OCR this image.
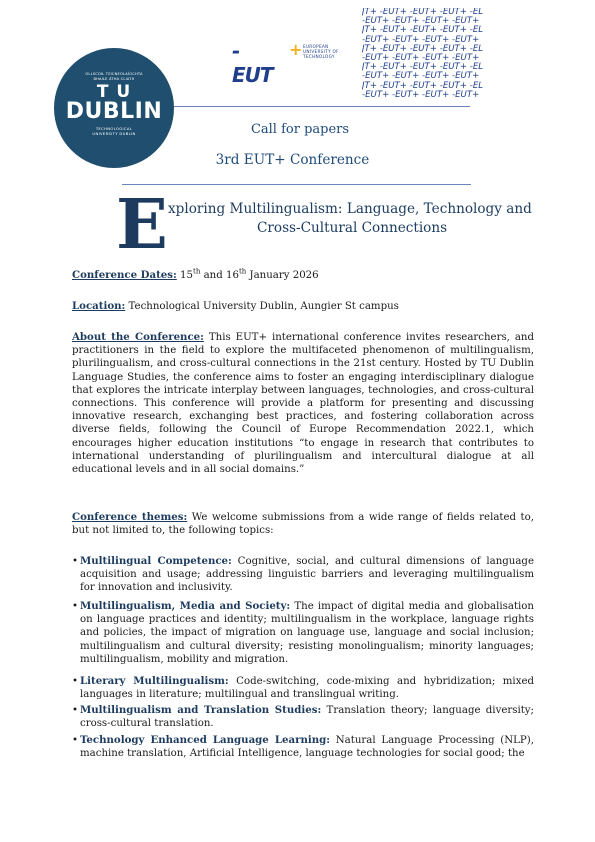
OLLSCOIL TEICNEOLAÍOCHTA
BHAILE ÁTHA CLIATH
T U
DUBLIN
TECHNOLOGICAL
UNIVERSITY DUBLIN
-EUT
+ EUROPEAN
UNIVERSITY OF
TECHNOLOGY
JT+ -EUT+ -EUT+ -EUT+ -EL
-EUT+ -EUT+ -EUT+ -EUT+
JT+ -EUT+ -EUT+ -EUT+ -EL
-EUT+ -EUT+ -EUT+ -EUT+
JT+ -EUT+ -EUT+ -EUT+ -EL
-EUT+ -EUT+ -EUT+ -EUT+
JT+ -EUT+ -EUT+ -EUT+ -EL
-EUT+ -EUT+ -EUT+ -EUT+
JT+ -EUT+ -EUT+ -EUT+ -EL
-EUT+ -EUT+ -EUT+ -EUT+
Call for papers
3rd EUT+ Conference
E xploring Multilingualism: Language, Technology and
Cross-Cultural Connections
Conference Dates: 15th and 16th January 2026
Location: Technological University Dublin, Aungier St campus
About the Conference: This EUT+ international conference invites researchers, and practitioners in the field to explore the multifaceted phenomenon of multilingualism, plurilingualism, and cross-cultural connections in the 21st century. Hosted by TU Dublin Language Studies, the conference aims to foster an engaging interdisciplinary dialogue that explores the intricate interplay between languages, technologies, and cross-cultural connections. This conference will provide a platform for presenting and discussing innovative research, exchanging best practices, and fostering collaboration across diverse fields, following the Council of Europe Recommendation 2022.1, which encourages higher education institutions “to engage in research that contributes to international understanding of plurilingualism and intercultural dialogue at all educational levels and in all social domains.”
Conference themes: We welcome submissions from a wide range of fields related to, but not limited to, the following topics:
• Multilingual Competence: Cognitive, social, and cultural dimensions of language acquisition and usage; addressing linguistic barriers and leveraging multilingualism for innovation and inclusivity.
• Multilingualism, Media and Society: The impact of digital media and globalisation on language practices and identity; multilingualism in the workplace, language rights and policies, the impact of migration on language use, language and social inclusion; multilingualism and cultural diversity; resisting monolingualism; minority languages; multilingualism, mobility and migration.
• Literary Multilingualism: Code-switching, code-mixing and hybridization; mixed languages in literature; multilingual and translingual writing.
• Multilingualism and Translation Studies: Translation theory; language diversity; cross-cultural translation.
• Technology Enhanced Language Learning: Natural Language Processing (NLP), machine translation, Artificial Intelligence, language technologies for social good; the
